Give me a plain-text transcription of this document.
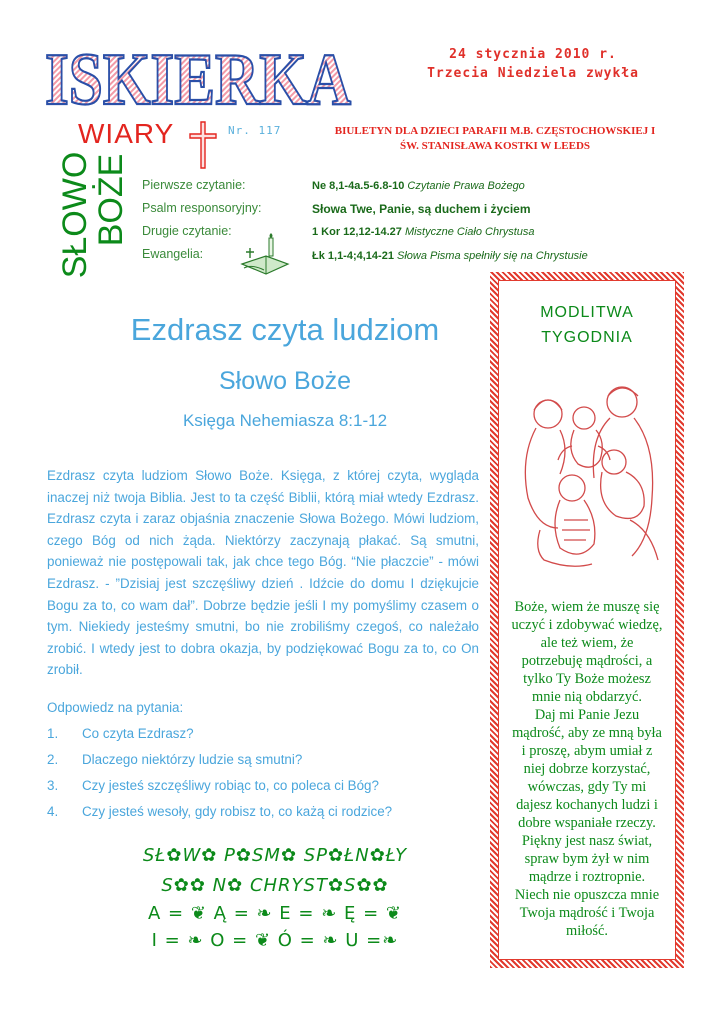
ISKIERKA	24 stycznia 2010 r.
Trzecia Niedziela zwykła
WIARY	Nr. 117	BIULETYN DLA DZIECI PARAFII M.B. CZĘSTOCHOWSKIEJ I
ŚW. STANISŁAWA KOSTKI W LEEDS
SŁOWO
BOŻE Pierwsze czytanie:	Ne 8,1-4a.5-6.8-10 Czytanie Prawa Bożego
Psalm responsoryjny:	Słowa Twe, Panie, są duchem i życiem
Drugie czytanie:	1 Kor 12,12-14.27 Mistyczne Ciało Chrystusa
Ewangelia:	Łk 1,1-4;4,14-21 Słowa Pisma spełniły się na Chrystusie
Ezdrasz czyta ludziom
Słowo Boże
Księga Nehemiasza 8:1-12
Ezdrasz czyta ludziom Słowo Boże. Księga, z której czyta, wygląda inaczej niż twoja Biblia. Jest to ta część Biblii, którą miał wtedy Ezdrasz. Ezdrasz czyta i zaraz objaśnia znaczenie Słowa Bożego. Mówi ludziom, czego Bóg od nich żąda. Niektórzy zaczynają płakać. Są smutni, ponieważ nie postępowali tak, jak chce tego Bóg. “Nie płaczcie” - mówi Ezdrasz. - ”Dzisiaj jest szczęśliwy dzień . Idźcie do domu I dziękujcie Bogu za to, co wam dał”. Dobrze będzie jeśli I my pomyślimy czasem o tym. Niekiedy jesteśmy smutni, bo nie zrobiliśmy czegoś, co należało zrobić. I wtedy jest to dobra okazja, by podziękować Bogu za to, co On zrobił.
Odpowiedz na pytania:
1. Co czyta Ezdrasz?
2. Dlaczego niektórzy ludzie są smutni?
3. Czy jesteś szczęśliwy robiąc to, co poleca ci Bóg?
4. Czy jesteś wesoły, gdy robisz to, co każą ci rodzice?
SŁ✿W✿ P✿SM✿ SP✿ŁN✿ŁY
S✿✿ N✿ CHRYST✿S✿✿
A = ❦ Ą = ❧ E = ❧ Ę = ❦
I = ❧ O = ❦ Ó = ❧ U =❧
MODLITWA
TYGODNIA
Boże, wiem że muszę się
uczyć i zdobywać wiedzę,
ale też wiem, że
potrzebuję mądrości, a
tylko Ty Boże możesz
mnie nią obdarzyć.
Daj mi Panie Jezu
mądrość, aby ze mną była
i proszę, abym umiał z
niej dobrze korzystać,
wówczas, gdy Ty mi
dajesz kochanych ludzi i
dobre wspaniałe rzeczy.
Piękny jest nasz świat,
spraw bym żył w nim
mądrze i roztropnie.
Niech nie opuszcza mnie
Twoja mądrość i Twoja
miłość.
